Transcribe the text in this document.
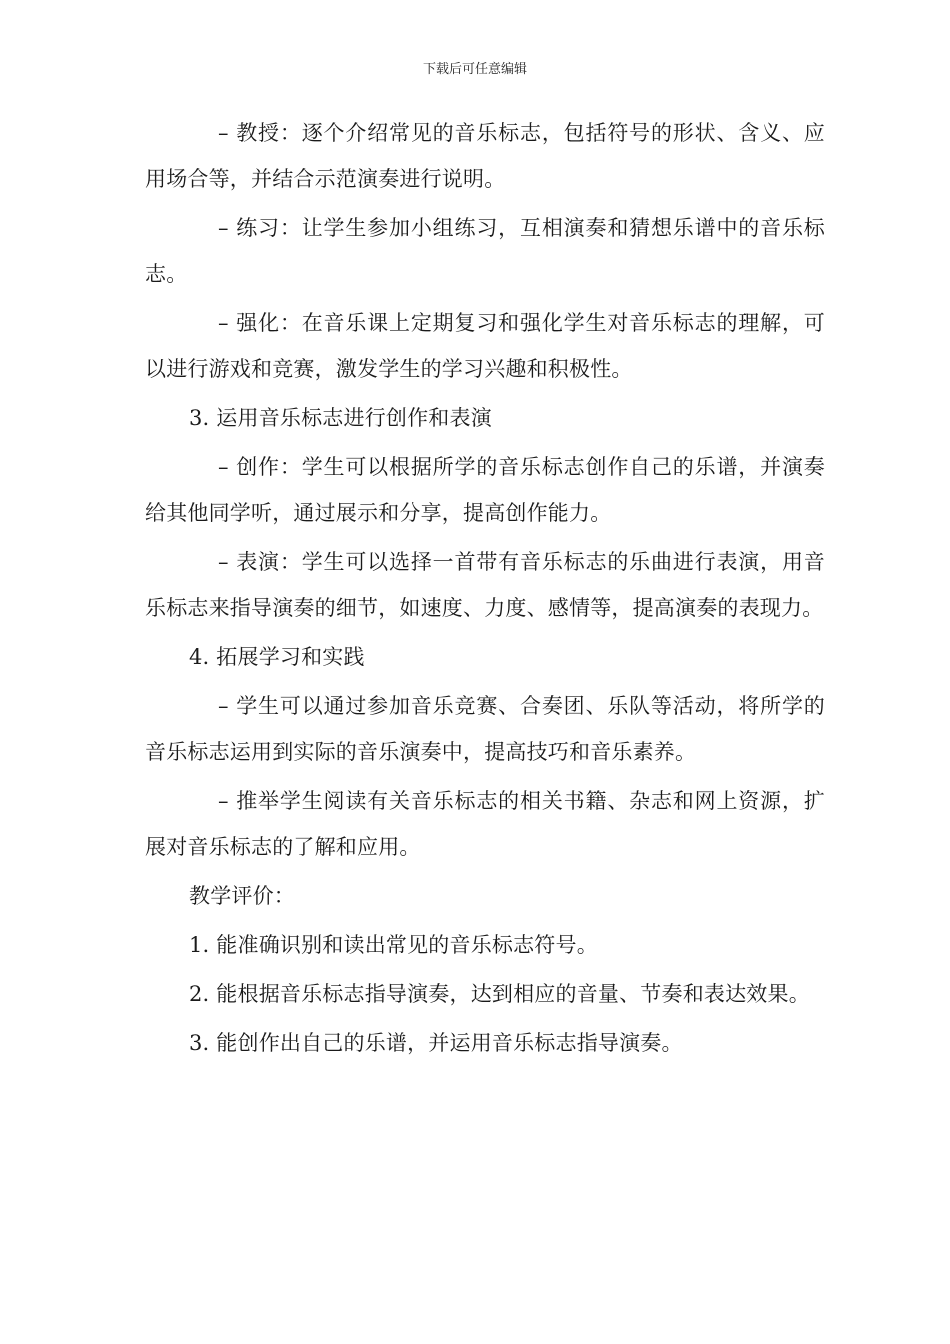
下载后可任意编辑

– 教授：逐个介绍常见的音乐标志，包括符号的形状、含义、应用场合等，并结合示范演奏进行说明。

– 练习：让学生参加小组练习，互相演奏和猜想乐谱中的音乐标志。

– 强化：在音乐课上定期复习和强化学生对音乐标志的理解，可以进行游戏和竞赛，激发学生的学习兴趣和积极性。

3. 运用音乐标志进行创作和表演

– 创作：学生可以根据所学的音乐标志创作自己的乐谱，并演奏给其他同学听，通过展示和分享，提高创作能力。

– 表演：学生可以选择一首带有音乐标志的乐曲进行表演，用音乐标志来指导演奏的细节，如速度、力度、感情等，提高演奏的表现力。

4. 拓展学习和实践

– 学生可以通过参加音乐竞赛、合奏团、乐队等活动，将所学的音乐标志运用到实际的音乐演奏中，提高技巧和音乐素养。

– 推举学生阅读有关音乐标志的相关书籍、杂志和网上资源，扩展对音乐标志的了解和应用。

教学评价：

1. 能准确识别和读出常见的音乐标志符号。

2. 能根据音乐标志指导演奏，达到相应的音量、节奏和表达效果。

3. 能创作出自己的乐谱，并运用音乐标志指导演奏。
